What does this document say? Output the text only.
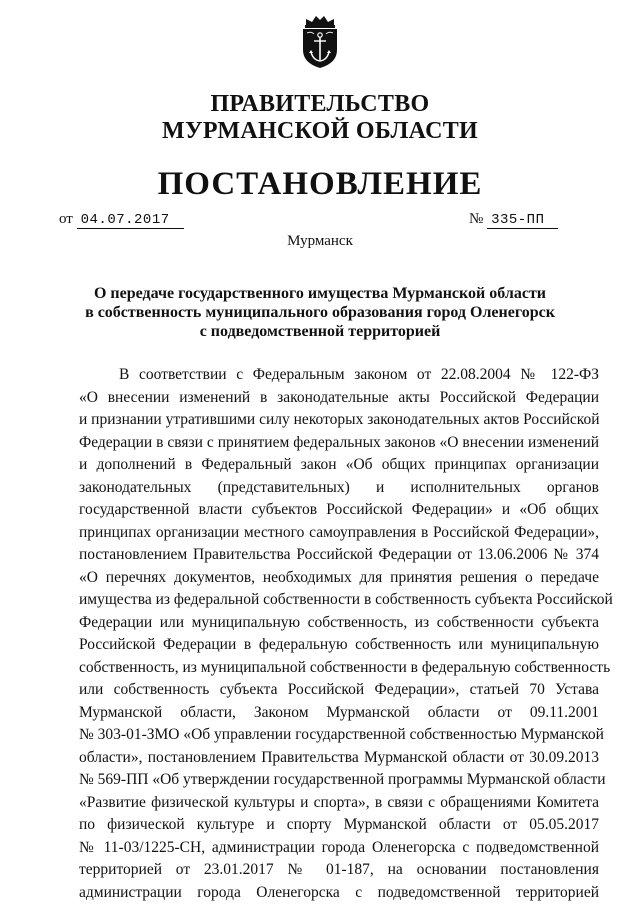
ПРАВИТЕЛЬСТВО
МУРМАНСКОЙ ОБЛАСТИ
ПОСТАНОВЛЕНИЕ
от 04.07.2017	№ 335-ПП
Мурманск
О передаче государственного имущества Мурманской области
в собственность муниципального образования город Оленегорск
с подведомственной территорией
В соответствии с Федеральным законом от 22.08.2004 № 122-ФЗ
«О внесении изменений в законодательные акты Российской Федерации
и признании утратившими силу некоторых законодательных актов Российской
Федерации в связи с принятием федеральных законов «О внесении изменений
и дополнений в Федеральный закон «Об общих принципах организации
законодательных (представительных) и исполнительных органов
государственной власти субъектов Российской Федерации» и «Об общих
принципах организации местного самоуправления в Российской Федерации»,
постановлением Правительства Российской Федерации от 13.06.2006 № 374
«О перечнях документов, необходимых для принятия решения о передаче
имущества из федеральной собственности в собственность субъекта Российской
Федерации или муниципальную собственность, из собственности субъекта
Российской Федерации в федеральную собственность или муниципальную
собственность, из муниципальной собственности в федеральную собственность
или собственность субъекта Российской Федерации», статьей 70 Устава
Мурманской области, Законом Мурманской области от 09.11.2001
№ 303-01-ЗМО «Об управлении государственной собственностью Мурманской
области», постановлением Правительства Мурманской области от 30.09.2013
№ 569-ПП «Об утверждении государственной программы Мурманской области
«Развитие физической культуры и спорта», в связи с обращениями Комитета
по физической культуре и спорту Мурманской области от 05.05.2017
№ 11-03/1225-СН, администрации города Оленегорска с подведомственной
территорией от 23.01.2017 № 01-187, на основании постановления
администрации города Оленегорска с подведомственной территорией
